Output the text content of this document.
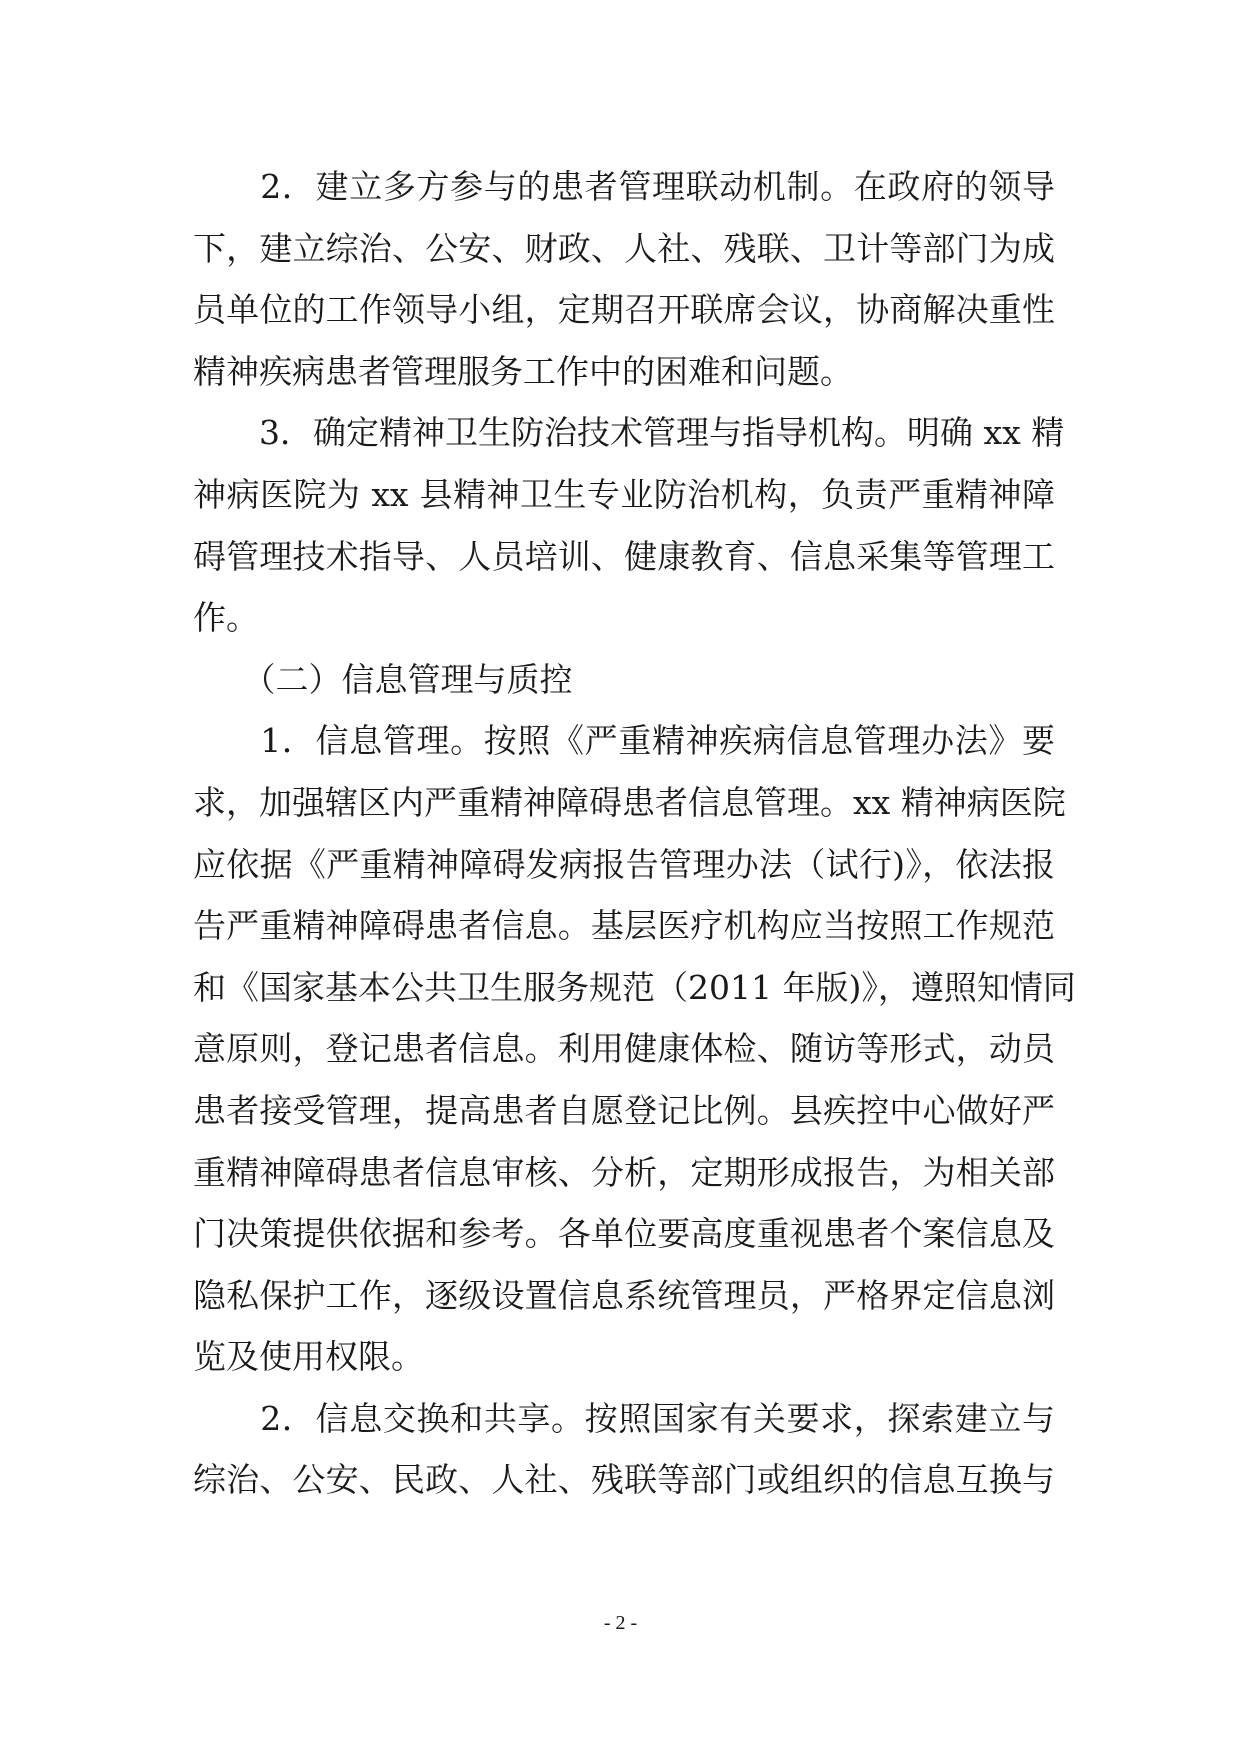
　　2．建立多方参与的患者管理联动机制。在政府的领导
下，建立综治、公安、财政、人社、残联、卫计等部门为成
员单位的工作领导小组，定期召开联席会议，协商解决重性
精神疾病患者管理服务工作中的困难和问题。
　　3．确定精神卫生防治技术管理与指导机构。明确 xx 精
神病医院为 xx 县精神卫生专业防治机构，负责严重精神障
碍管理技术指导、人员培训、健康教育、信息采集等管理工
作。
　　（二）信息管理与质控
　　1．信息管理。按照《严重精神疾病信息管理办法》要
求，加强辖区内严重精神障碍患者信息管理。xx 精神病医院
应依据《严重精神障碍发病报告管理办法（试行)》，依法报
告严重精神障碍患者信息。基层医疗机构应当按照工作规范
和《国家基本公共卫生服务规范（2011 年版)》，遵照知情同
意原则，登记患者信息。利用健康体检、随访等形式，动员
患者接受管理，提高患者自愿登记比例。县疾控中心做好严
重精神障碍患者信息审核、分析，定期形成报告，为相关部
门决策提供依据和参考。各单位要高度重视患者个案信息及
隐私保护工作，逐级设置信息系统管理员，严格界定信息浏
览及使用权限。
　　2．信息交换和共享。按照国家有关要求，探索建立与
综治、公安、民政、人社、残联等部门或组织的信息互换与
- 2 -
